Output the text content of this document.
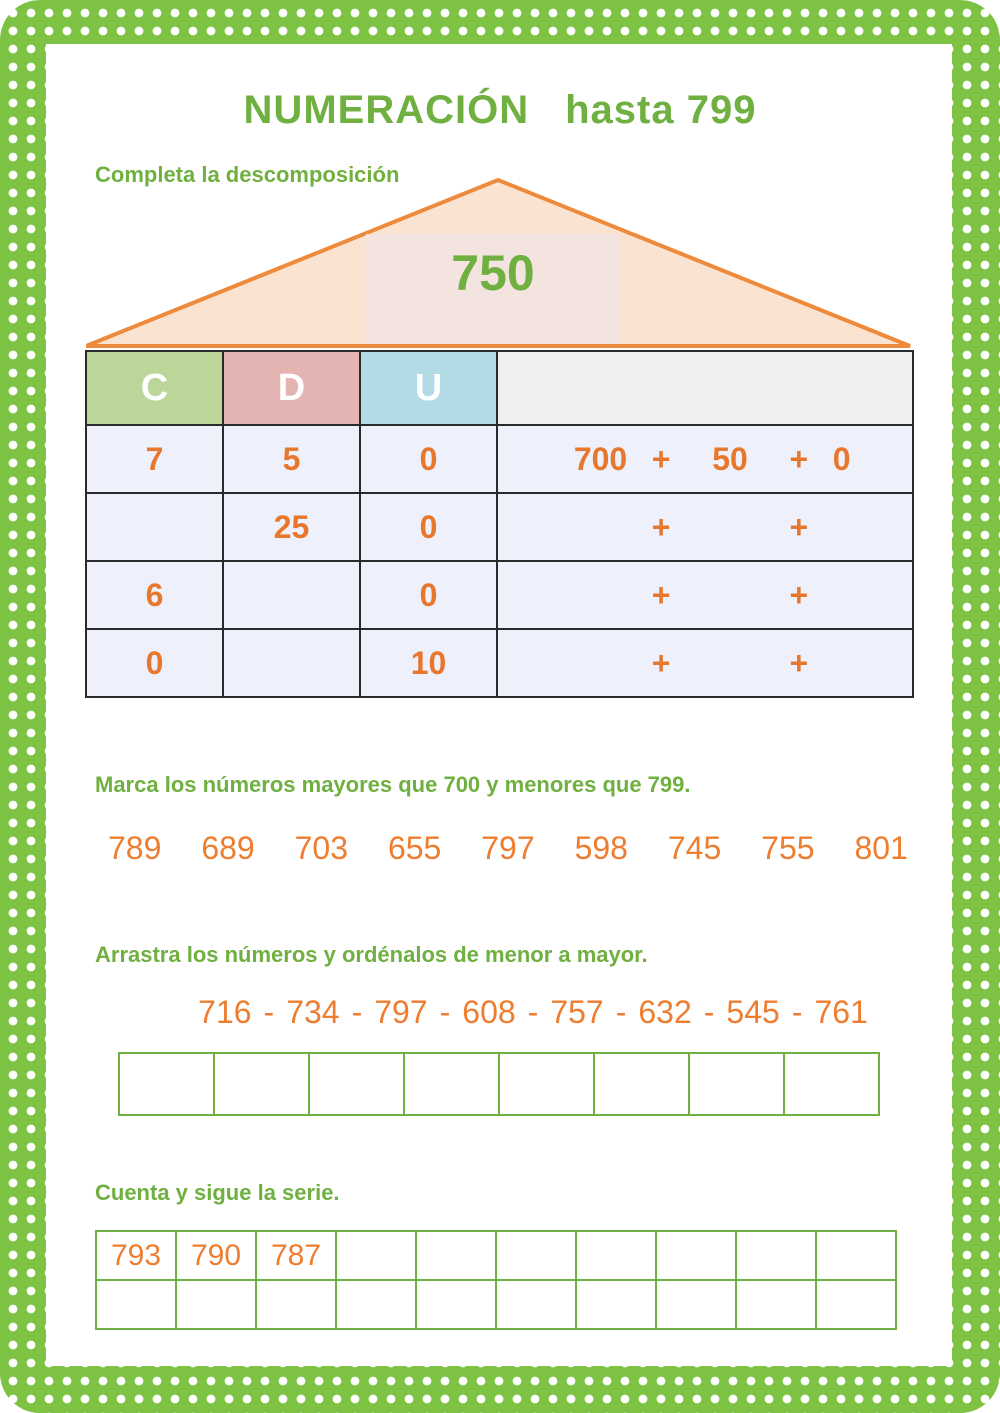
NUMERACIÓN hasta 799
Completa la descomposición
750
C	D	U	
7	5	0	700 + 50 + 0
	25	0	+ +
6		0	+ +
0		10	+ +
Marca los números mayores que 700 y menores que 799.
789	689	703	655	797	598	745	755	801
Arrastra los números y ordénalos de menor a mayor.
716 - 734 - 797 - 608 - 757 - 632 - 545 - 761
Cuenta y sigue la serie.
793	790	787							
